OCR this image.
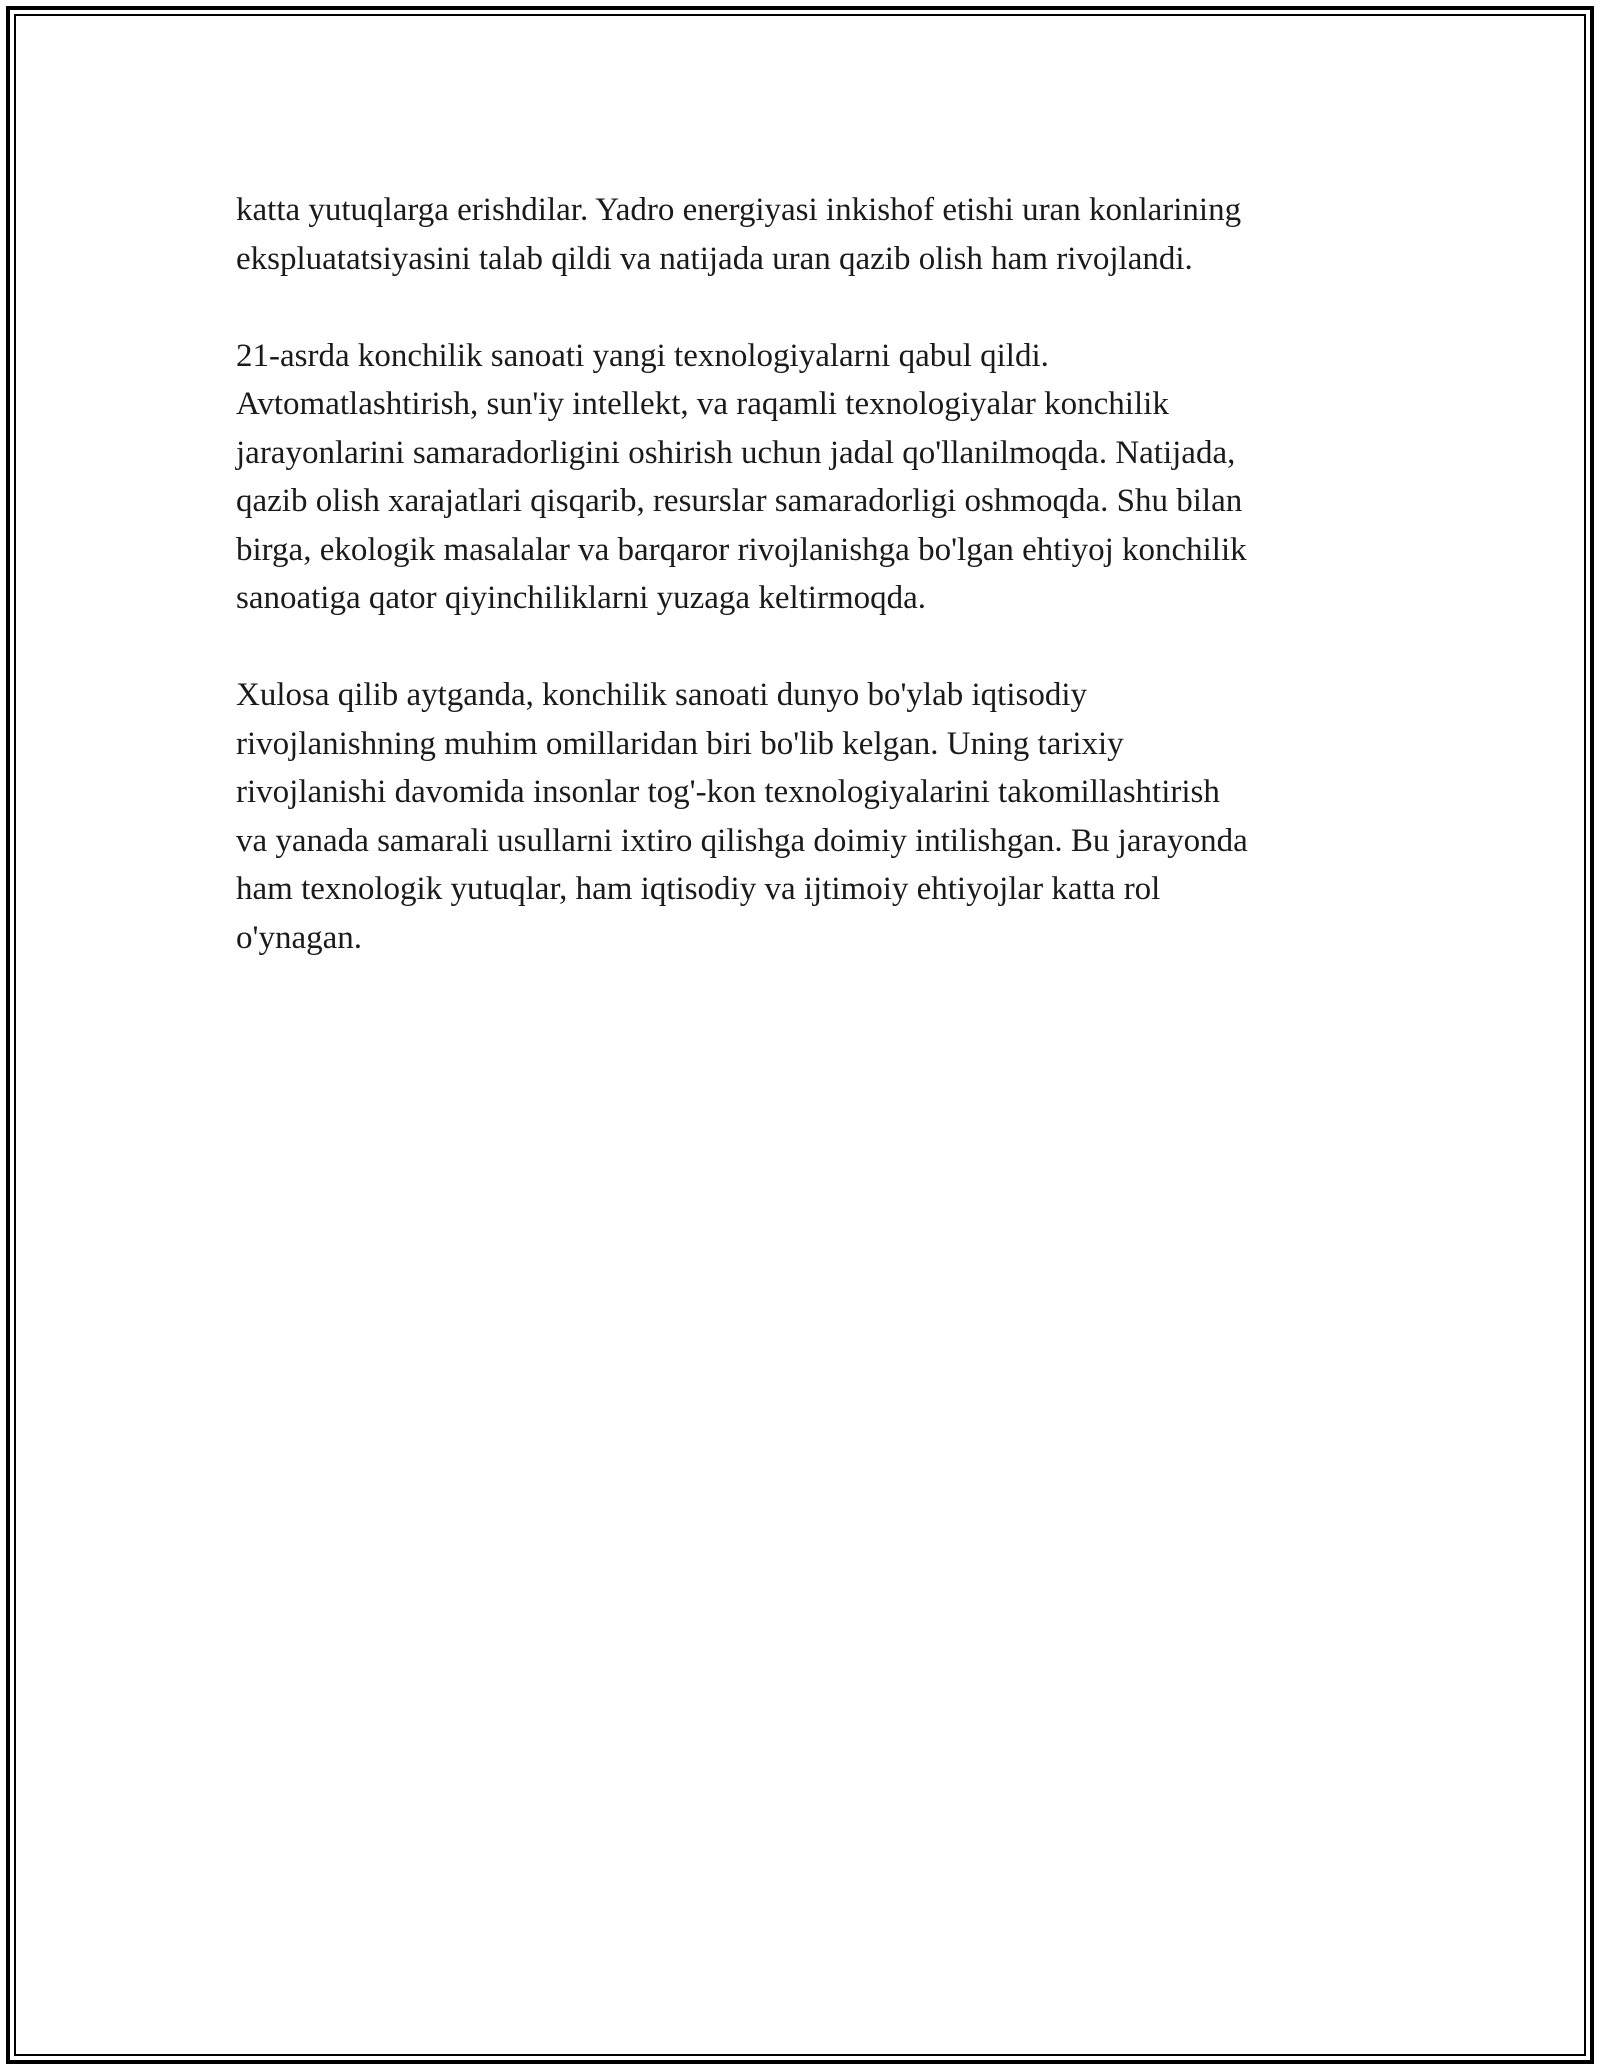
katta yutuqlarga erishdilar. Yadro energiyasi inkishof etishi uran konlarining
ekspluatatsiyasini talab qildi va natijada uran qazib olish ham rivojlandi.

21-asrda konchilik sanoati yangi texnologiyalarni qabul qildi.
Avtomatlashtirish, sun'iy intellekt, va raqamli texnologiyalar konchilik
jarayonlarini samaradorligini oshirish uchun jadal qo'llanilmoqda. Natijada,
qazib olish xarajatlari qisqarib, resurslar samaradorligi oshmoqda. Shu bilan
birga, ekologik masalalar va barqaror rivojlanishga bo'lgan ehtiyoj konchilik
sanoatiga qator qiyinchiliklarni yuzaga keltirmoqda.

Xulosa qilib aytganda, konchilik sanoati dunyo bo'ylab iqtisodiy
rivojlanishning muhim omillaridan biri bo'lib kelgan. Uning tarixiy
rivojlanishi davomida insonlar tog'-kon texnologiyalarini takomillashtirish
va yanada samarali usullarni ixtiro qilishga doimiy intilishgan. Bu jarayonda
ham texnologik yutuqlar, ham iqtisodiy va ijtimoiy ehtiyojlar katta rol
o'ynagan.
